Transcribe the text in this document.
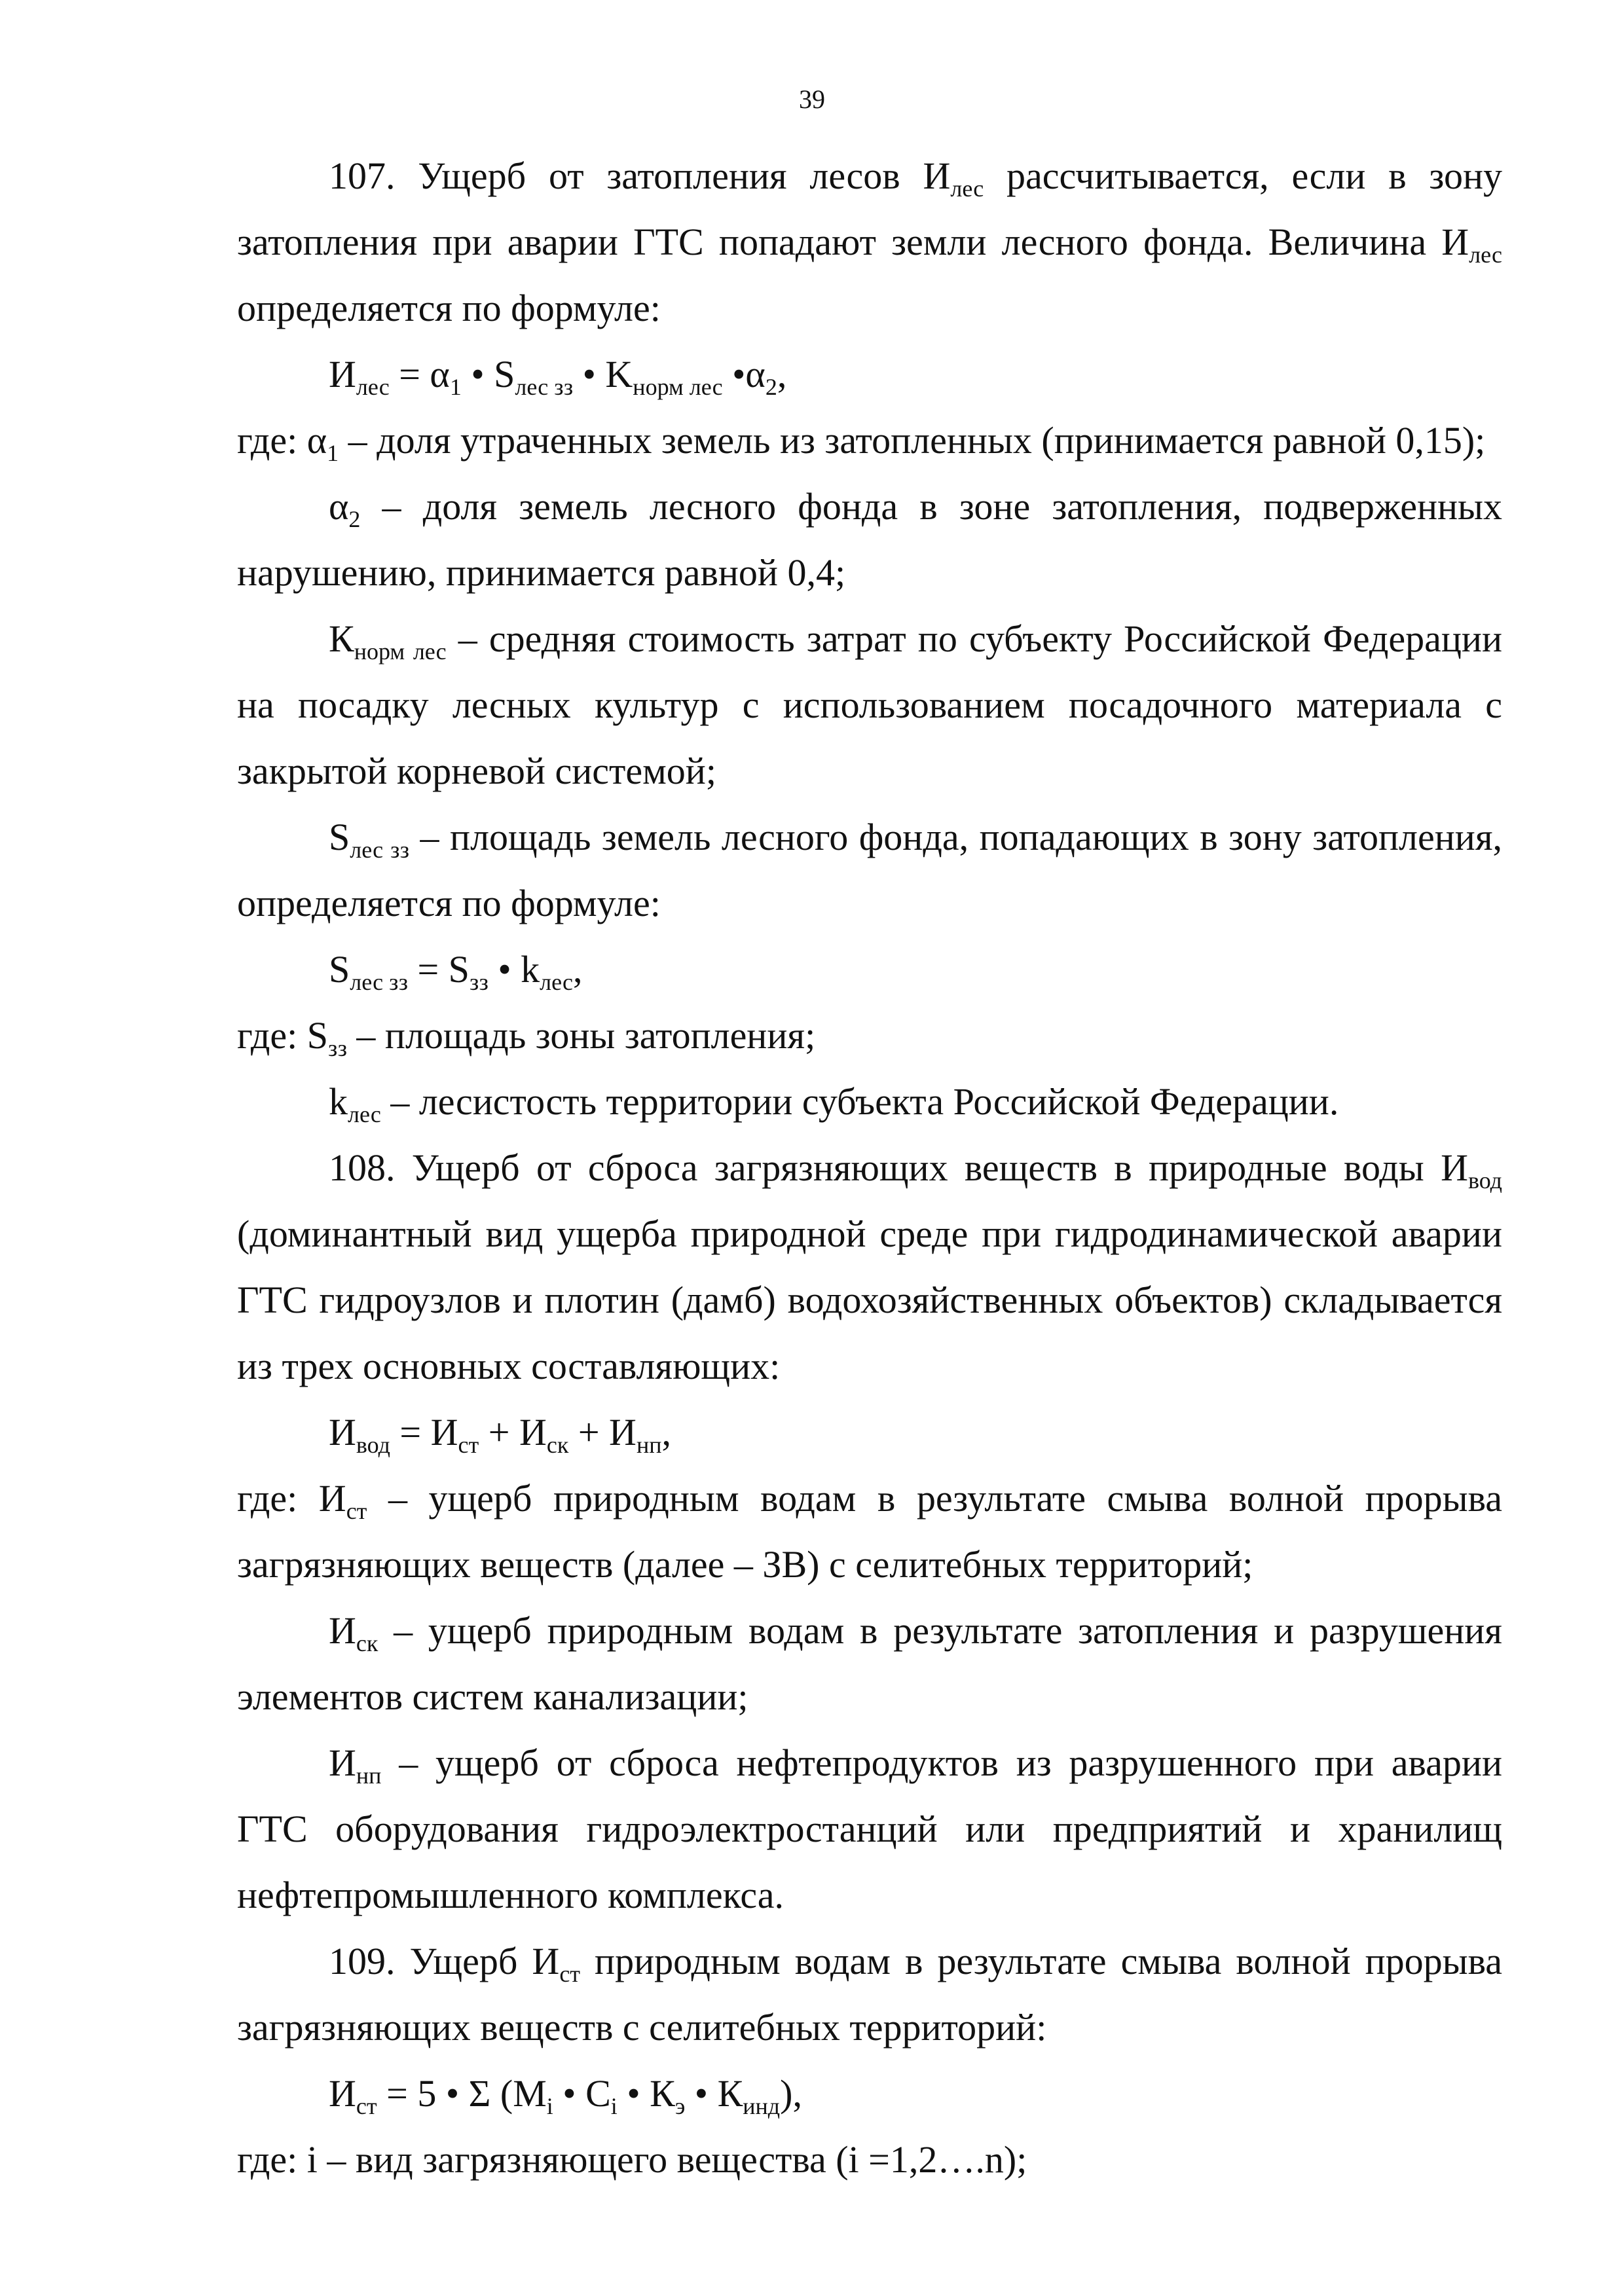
39

107. Ущерб от затопления лесов $И_{лес}$ рассчитывается, если в зону затопления при аварии ГТС попадают земли лесного фонда. Величина $И_{лес}$ определяется по формуле:

$И_{лес} = \alpha_1$ • $S_{лес зз}$ • $K_{норм лес}$ $•\alpha_2$,

где: $\alpha_1$ – доля утраченных земель из затопленных (принимается равной 0,15);

$\alpha_2$ – доля земель лесного фонда в зоне затопления, подверженных нарушению, принимается равной 0,4;

$К_{норм лес}$ – средняя стоимость затрат по субъекту Российской Федерации на посадку лесных культур с использованием посадочного материала с закрытой корневой системой;

$S_{лес зз}$ – площадь земель лесного фонда, попадающих в зону затопления, определяется по формуле:

$S_{лес зз} = S_{зз}$ • $k_{лес}$,

где: $S_{зз}$ – площадь зоны затопления;

$k_{лес}$ – лесистость территории субъекта Российской Федерации.

108. Ущерб от сброса загрязняющих веществ в природные воды $И_{вод}$ (доминантный вид ущерба природной среде при гидродинамической аварии ГТС гидроузлов и плотин (дамб) водохозяйственных объектов) складывается из трех основных составляющих:

$И_{вод} = И_{ст} + И_{ск} + И_{нп}$,

где: $И_{ст}$ – ущерб природным водам в результате смыва волной прорыва загрязняющих веществ (далее – ЗВ) с селитебных территорий;

$И_{ск}$ – ущерб природным водам в результате затопления и разрушения элементов систем канализации;

$И_{нп}$ – ущерб от сброса нефтепродуктов из разрушенного при аварии ГТС оборудования гидроэлектростанций или предприятий и хранилищ нефтепромышленного комплекса.

109. Ущерб $И_{ст}$ природным водам в результате смыва волной прорыва загрязняющих веществ с селитебных территорий:

$И_{ст} = 5$ • Σ ($M_i$ • $C_i$ • $К_э$ • $К_{инд}$),

где: i – вид загрязняющего вещества (i =1,2….n);
